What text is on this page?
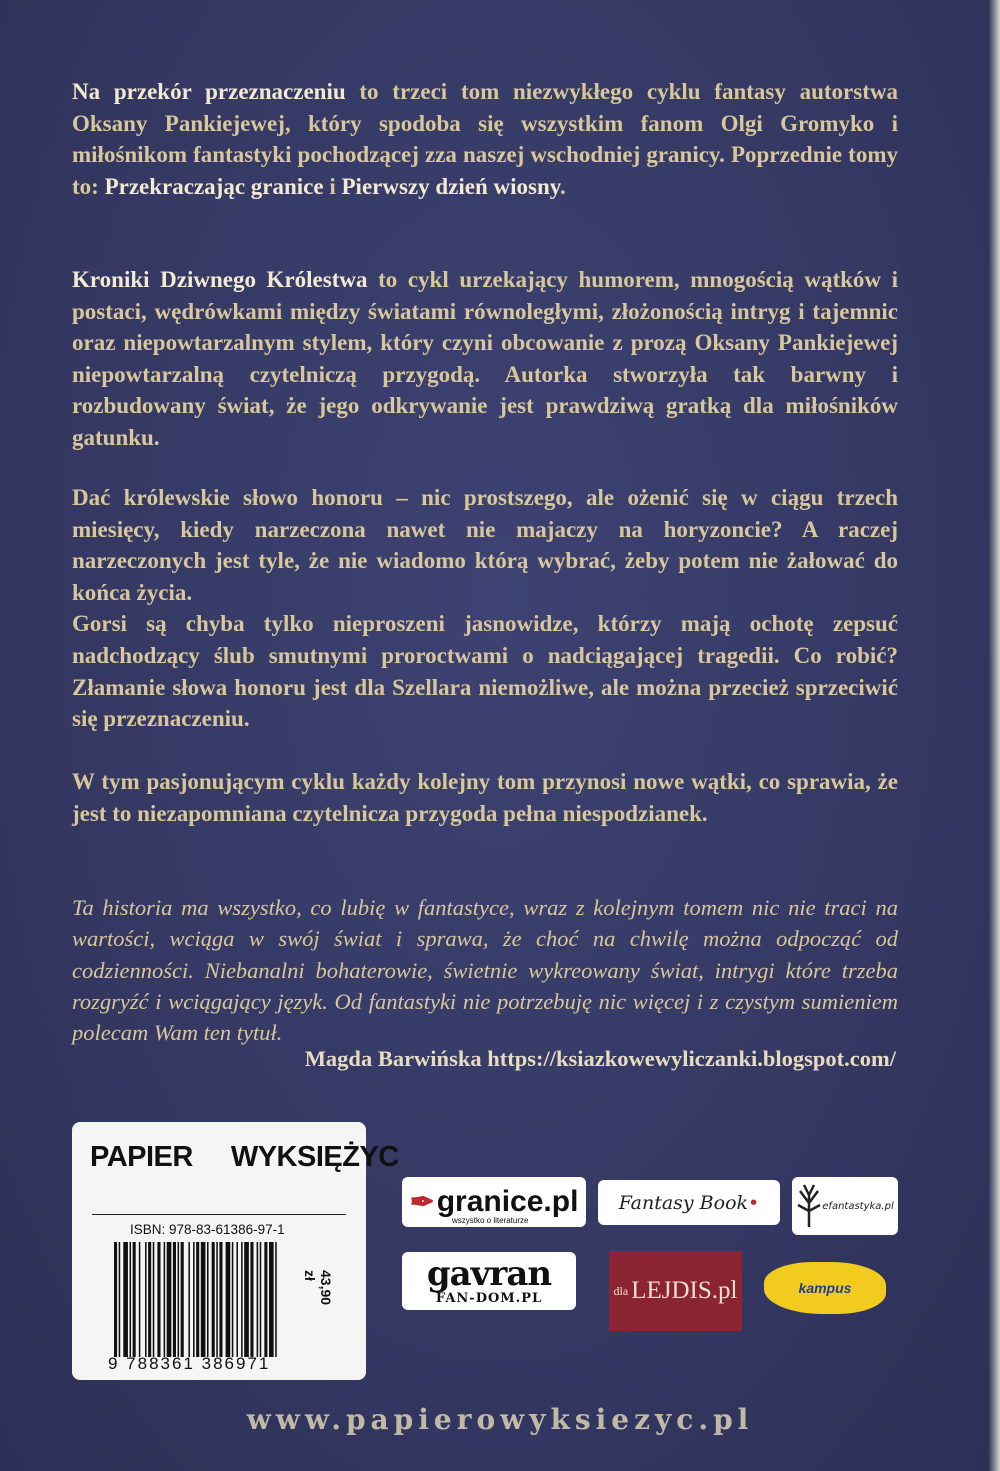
Na przekór przeznaczeniu to trzeci tom niezwykłego cyklu fantasy autorstwa Oksany Pankiejewej, który spodoba się wszystkim fanom Olgi Gromyko i miłośnikom fantastyki pochodzącej zza naszej wschodniej granicy. Poprzednie tomy to: Przekraczając granice i Pierwszy dzień wiosny.
Kroniki Dziwnego Królestwa to cykl urzekający humorem, mnogością wątków i postaci, wędrówkami między światami równoległymi, złożonością intryg i tajemnic oraz niepowtarzalnym stylem, który czyni obcowanie z prozą Oksany Pankiejewej niepowtarzalną czytelniczą przygodą. Autorka stworzyła tak barwny i rozbudowany świat, że jego odkrywanie jest prawdziwą gratką dla miłośników gatunku.
Dać królewskie słowo honoru – nic prostszego, ale ożenić się w ciągu trzech miesięcy, kiedy narzeczona nawet nie majaczy na horyzoncie? A raczej narzeczonych jest tyle, że nie wiadomo którą wybrać, żeby potem nie żałować do końca życia.
Gorsi są chyba tylko nieproszeni jasnowidze, którzy mają ochotę zepsuć nadchodzący ślub smutnymi proroctwami o nadciągającej tragedii. Co robić? Złamanie słowa honoru jest dla Szellara niemożliwe, ale można przecież sprzeciwić się przeznaczeniu.
W tym pasjonującym cyklu każdy kolejny tom przynosi nowe wątki, co sprawia, że jest to niezapomniana czytelnicza przygoda pełna niespodzianek.
Ta historia ma wszystko, co lubię w fantastyce, wraz z kolejnym tomem nic nie traci na wartości, wciąga w swój świat i sprawa, że choć na chwilę można odpocząć od codzienności. Niebanalni bohaterowie, świetnie wykreowany świat, intrygi które trzeba rozgryźć i wciągający język. Od fantastyki nie potrzebuję nic więcej i z czystym sumieniem polecam Wam ten tytuł.
Magda Barwińska https://ksiazkowewyliczanki.blogspot.com/
PAPIER WYKSIĘŻYC
ISBN: 978-83-61386-97-1
9 788361 386971
43,90 zł
✒ granice.pl
wszystko o literaturze
Fantasy Book •	efantastyka.pl
gavran
FAN-DOM.PL	dla LEJDIS.pl	kampus
www.papierowyksiezyc.pl
